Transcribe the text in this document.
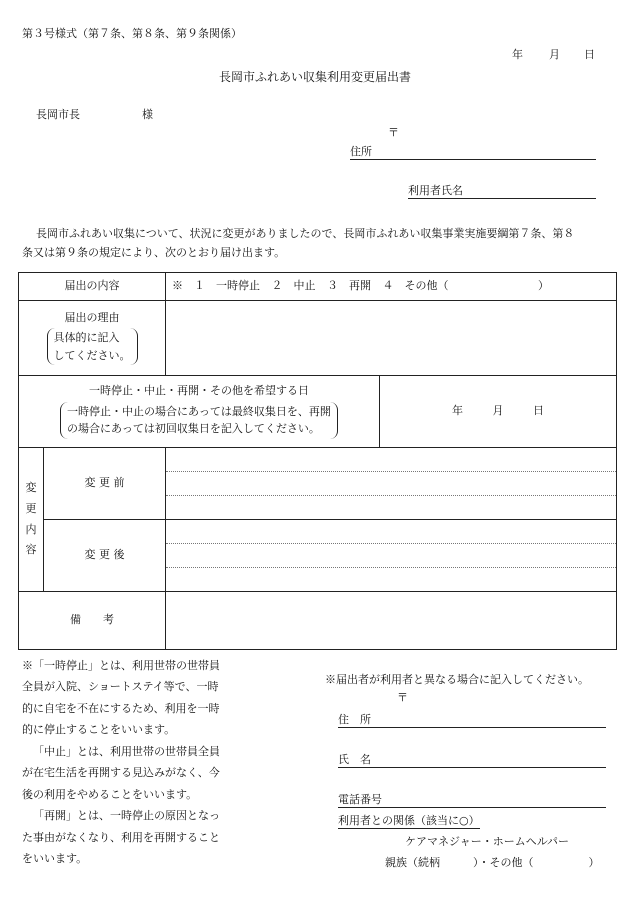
第３号様式（第７条、第８条、第９条関係）
年 月 日
長岡市ふれあい収集利用変更届出書
長岡市長	様
〒
住所
利用者氏名
長岡市ふれあい収集について、状況に変更がありましたので、長岡市ふれあい収集事業実施要綱第７条、第８
条又は第９条の規定により、次のとおり届け出ます。
届出の内容		※　１　一時停止 ２　中止 ３　再開 ４　その他（ ）	

届出の理由
具体的に記入
してください。			

一時停止・中止・再開・その他を希望する日
一時停止・中止の場合にあっては最終収集日を、再開
の場合にあっては初回収集日を記入してください。			年 月 日

変
更
内
容	変 更 前		

	変 更 後		

備　　考			

※「一時停止」とは、利用世帯の世帯員

全員が入院、ショートステイ等で、一時

的に自宅を不在にするため、利用を一時

的に停止することをいいます。

「中止」とは、利用世帯の世帯員全員

が在宅生活を再開する見込みがなく、今

後の利用をやめることをいいます。

「再開」とは、一時停止の原因となっ

た事由がなくなり、利用を再開すること

をいいます。

※届出者が利用者と異なる場合に記入してください。
〒
住　所
氏　名
電話番号
利用者との関係（該当に○）
ケアマネジャー・ホームヘルパー
親族（続柄　　　）・その他（　　　　　）
